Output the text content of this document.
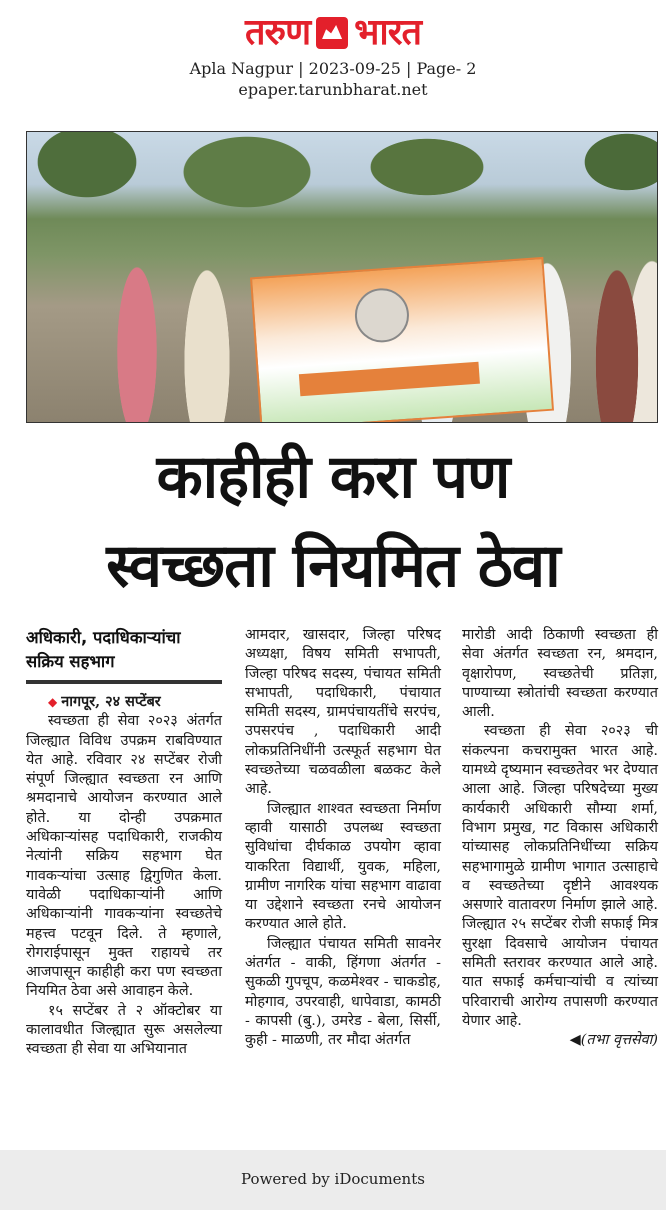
तरुण भारत
Apla Nagpur | 2023-09-25 | Page- 2
epaper.tarunbharat.net
काहीही करा पण
स्वच्छता नियमित ठेवा
अधिकारी, पदाधिकाऱ्यांचा सक्रिय सहभाग

◆ नागपूर, २४ सप्टेंबर

स्वच्छता ही सेवा २०२३ अंतर्गत जिल्ह्यात विविध उपक्रम राबविण्यात येत आहे. रविवार २४ सप्टेंबर रोजी संपूर्ण जिल्ह्यात स्वच्छता रन आणि श्रमदानाचे आयोजन करण्यात आले होते. या दोन्ही उपक्रमात अधिकाऱ्यांसह पदाधिकारी, राजकीय नेत्यांनी सक्रिय सहभाग घेत गावकऱ्यांचा उत्साह द्विगुणित केला. यावेळी पदाधिकाऱ्यांनी आणि अधिकाऱ्यांनी गावकऱ्यांना स्वच्छतेचे महत्त्व पटवून दिले. ते म्हणाले, रोगराईपासून मुक्त राहायचे तर आजपासून काहीही करा पण स्वच्छता नियमित ठेवा असे आवाहन केले.

१५ सप्टेंबर ते २ ऑक्टोबर या कालावधीत जिल्ह्यात सुरू असलेल्या स्वच्छता ही सेवा या अभियानात

आमदार, खासदार, जिल्हा परिषद अध्यक्षा, विषय समिती सभापती, जिल्हा परिषद सदस्य, पंचायत समिती सभापती, पदाधिकारी, पंचायात समिती सदस्य, ग्रामपंचायतींचे सरपंच, उपसरपंच , पदाधिकारी आदी लोकप्रतिनिधींनी उत्स्फूर्त सहभाग घेत स्वच्छतेच्या चळवळीला बळकट केले आहे.

जिल्ह्यात शाश्वत स्वच्छता निर्माण व्हावी यासाठी उपलब्ध स्वच्छता सुविधांचा दीर्घकाळ उपयोग व्हावा याकरिता विद्यार्थी, युवक, महिला, ग्रामीण नागरिक यांचा सहभाग वाढावा या उद्देशाने स्वच्छता रनचे आयोजन करण्यात आले होते.

जिल्ह्यात पंचायत समिती सावनेर अंतर्गत - वाकी, हिंगणा अंतर्गत - सुकळी गुपचूप, कळमेश्वर - चाकडोह, मोहगाव, उपरवाही, धापेवाडा, कामठी - कापसी (बु.), उमरेड - बेला, सिर्सी, कुही - माळणी, तर मौदा अंतर्गत

मारोडी आदी ठिकाणी स्वच्छता ही सेवा अंतर्गत स्वच्छता रन, श्रमदान, वृक्षारोपण, स्वच्छतेची प्रतिज्ञा, पाण्याच्या स्त्रोतांची स्वच्छता करण्यात आली.

स्वच्छता ही सेवा २०२३ ची संकल्पना कचरामुक्त भारत आहे. यामध्ये दृष्यमान स्वच्छतेवर भर देण्यात आला आहे. जिल्हा परिषदेच्या मुख्य कार्यकारी अधिकारी सौम्या शर्मा, विभाग प्रमुख, गट विकास अधिकारी यांच्यासह लोकप्रतिनिधींच्या सक्रिय सहभागामुळे ग्रामीण भागात उत्साहाचे व स्वच्छतेच्या दृष्टीने आवश्यक असणारे वातावरण निर्माण झाले आहे. जिल्ह्यात २५ सप्टेंबर रोजी सफाई मित्र सुरक्षा दिवसाचे आयोजन पंचायत समिती स्तरावर करण्यात आले आहे. यात सफाई कर्मचाऱ्यांची व त्यांच्या परिवाराची आरोग्य तपासणी करण्यात येणार आहे.

◀(तभा वृत्तसेवा)

Powered by iDocuments
